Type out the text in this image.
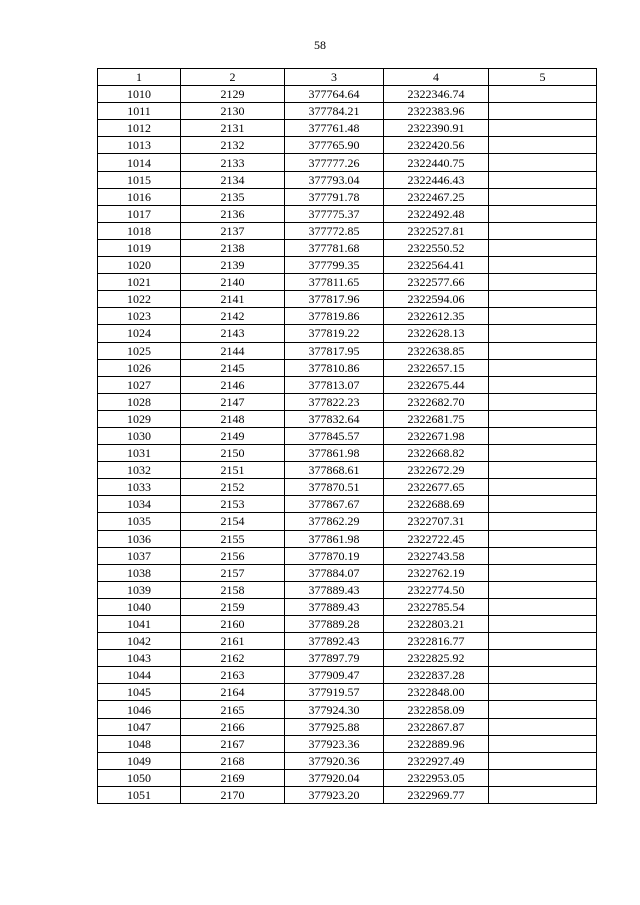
58
1	2	3	4	5
1010	2129	377764.64	2322346.74	
1011	2130	377784.21	2322383.96	
1012	2131	377761.48	2322390.91	
1013	2132	377765.90	2322420.56	
1014	2133	377777.26	2322440.75	
1015	2134	377793.04	2322446.43	
1016	2135	377791.78	2322467.25	
1017	2136	377775.37	2322492.48	
1018	2137	377772.85	2322527.81	
1019	2138	377781.68	2322550.52	
1020	2139	377799.35	2322564.41	
1021	2140	377811.65	2322577.66	
1022	2141	377817.96	2322594.06	
1023	2142	377819.86	2322612.35	
1024	2143	377819.22	2322628.13	
1025	2144	377817.95	2322638.85	
1026	2145	377810.86	2322657.15	
1027	2146	377813.07	2322675.44	
1028	2147	377822.23	2322682.70	
1029	2148	377832.64	2322681.75	
1030	2149	377845.57	2322671.98	
1031	2150	377861.98	2322668.82	
1032	2151	377868.61	2322672.29	
1033	2152	377870.51	2322677.65	
1034	2153	377867.67	2322688.69	
1035	2154	377862.29	2322707.31	
1036	2155	377861.98	2322722.45	
1037	2156	377870.19	2322743.58	
1038	2157	377884.07	2322762.19	
1039	2158	377889.43	2322774.50	
1040	2159	377889.43	2322785.54	
1041	2160	377889.28	2322803.21	
1042	2161	377892.43	2322816.77	
1043	2162	377897.79	2322825.92	
1044	2163	377909.47	2322837.28	
1045	2164	377919.57	2322848.00	
1046	2165	377924.30	2322858.09	
1047	2166	377925.88	2322867.87	
1048	2167	377923.36	2322889.96	
1049	2168	377920.36	2322927.49	
1050	2169	377920.04	2322953.05	
1051	2170	377923.20	2322969.77	
